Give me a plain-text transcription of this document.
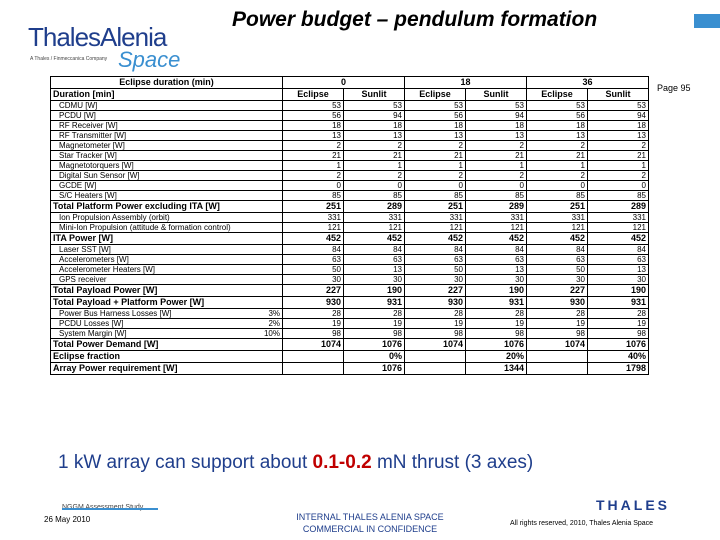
ThalesAlenia
A Thales / Finmeccanica Company Space
Power budget – pendulum formation
Page 95
Eclipse duration (min)		0		18		36	
Duration [min]		Eclipse	Sunlit	Eclipse	Sunlit	Eclipse	Sunlit
CDMU [W]		53	53	53	53	53	53
PCDU [W]		56	94	56	94	56	94
RF Receiver [W]		18	18	18	18	18	18
RF Transmitter [W]		13	13	13	13	13	13
Magnetometer [W]		2	2	2	2	2	2
Star Tracker [W]		21	21	21	21	21	21
Magnetotorquers [W]		1	1	1	1	1	1
Digital Sun Sensor [W]		2	2	2	2	2	2
GCDE [W]		0	0	0	0	0	0
S/C Heaters [W]		85	85	85	85	85	85
Total Platform Power excluding ITA [W]		251	289	251	289	251	289
Ion Propulsion Assembly (orbit)		331	331	331	331	331	331
Mini-Ion Propulsion (attitude & formation control)		121	121	121	121	121	121
ITA Power [W]		452	452	452	452	452	452
Laser SST [W]		84	84	84	84	84	84
Accelerometers [W]		63	63	63	63	63	63
Accelerometer Heaters [W]		50	13	50	13	50	13
GPS receiver		30	30	30	30	30	30
Total Payload Power [W]		227	190	227	190	227	190
Total Payload + Platform Power [W]		930	931	930	931	930	931
Power Bus Harness Losses [W]	3%	28	28	28	28	28	28
PCDU Losses [W]	2%	19	19	19	19	19	19
System Margin [W]	10%	98	98	98	98	98	98
Total Power Demand [W]		1074	1076	1074	1076	1074	1076
Eclipse fraction			0%		20%		40%
Array Power requirement [W]			1076		1344		1798
1 kW array can support about 0.1-0.2 mN thrust (3 axes)
26 May 2010	INTERNAL THALES ALENIA SPACE
COMMERCIAL IN CONFIDENCE
THALES
All rights reserved, 2010, Thales Alenia Space
